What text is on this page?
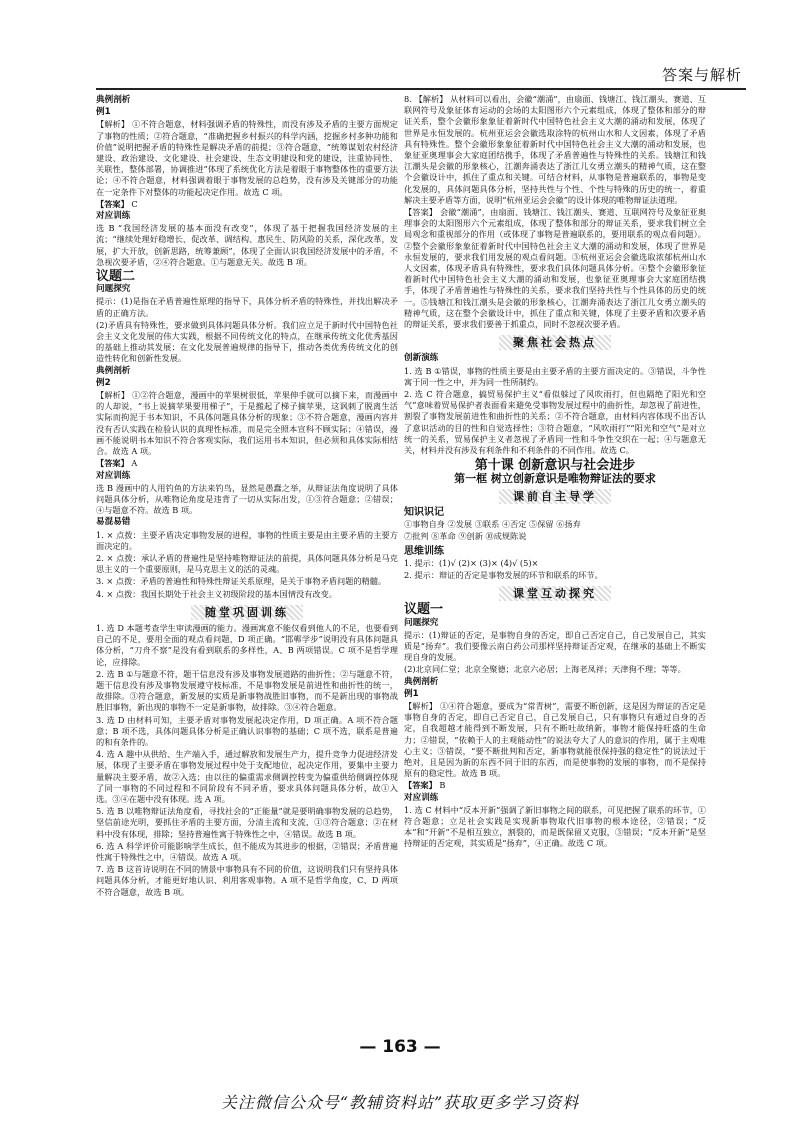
答案与解析
典例剖析
例1

【解析】 ①不符合题意，材料强调矛盾的特殊性，而没有涉及矛盾的主要方面规定了事物的性质；②符合题意，“准确把握乡村振兴的科学内涵，挖掘乡村多种功能和价值”说明把握矛盾的特殊性是解决矛盾的前提；③符合题意，“统筹谋划农村经济建设、政治建设、文化建设、社会建设、生态文明建设和党的建设，注重协同性、关联性，整体部署，协调推进”体现了系统优化方法是着眼于事物整体性的重要方法论；④不符合题意，材料强调着眼于事物发展的总趋势，没有涉及关键部分的功能在一定条件下对整体的功能起决定作用。故选 C 项。

【答案】 C

对应训练

选 B “我国经济发展的基本面没有改变”，体现了基于把握我国经济发展的主流；“继续处理好稳增长、促改革、调结构、惠民生、防风险的关系，深化改革，发展，扩大开放，创新思路，统筹兼顾”，体现了全面认识我国经济发展中的矛盾，不急视次要矛盾，②④符合题意。①与题意无关。故选 B 项。

议题二
问题探究

提示：(1)是指在矛盾普遍性原理的指导下，具体分析矛盾的特殊性，并找出解决矛盾的正确方法。

(2)矛盾具有特殊性，要求做到具体问题具体分析。我们应立足于新时代中国特色社会主义文化发展的伟大实践，根据不同传统文化的特点，在继承传统文化优秀基因的基础上推动其发展；在文化发展普遍规律的指导下，推动各类优秀传统文化的创造性转化和创新性发展。

典例剖析
例2

【解析】 ①②符合题意，漫画中的苹果树很低，苹果伸手就可以摘下来，而漫画中的人却说，“书上说摘苹果要用梯子”，于是搬起了梯子摘苹果，这讽刺了脱离生活实际而拘泥于书本知识，不具体问题具体分析的现象；③不符合题意，漫画内容并没有否认实践在检验认识的真理性标准，而是完全照本宣科不顾实际；④错误，漫画不能说明书本知识不符合客观实际，我们运用书本知识，但必须和具体实际相结合。故选 A 项。

【答案】 A

对应训练

选 B 漫画中的人用钓鱼的方法来钓鸟，显然是愚蠢之举，从辩证法角度说明了具体问题具体分析，从唯物论角度是违背了一切从实际出发，①③符合题意；②错误；④与题意不符。故选 B 项。

易混易错

1. × 点拨：主要矛盾决定事物发展的进程，事物的性质主要是由主要矛盾的主要方面决定的。

2. × 点拨：承认矛盾的普遍性是坚持唯物辩证法的前提，具体问题具体分析是马克思主义的一个重要原则，是马克思主义的活的灵魂。

3. × 点拨：矛盾的普遍性和特殊性辩证关系原理，是关于事物矛盾问题的精髓。

4. × 点拨：我国长期处于社会主义初级阶段的基本国情没有改变。

随堂巩固训练

1. 选 D 本题考查学生审读漫画的能力。漫画寓意不能仅看到他人的不足，也要看到自己的不足，要用全面的观点看问题，D 项正确。“邯郸学步”说明没有具体问题具体分析，“刀舟不察”是没有看到联系的多样性，A、B 两项错误。C 项不是哲学理论，应排除。

2. 选 B ①与题意不符，题干信息没有涉及事物发展道路的曲折性；②与题意不符，题干信息没有涉及事物发展遵守枝标准，不是事物发展是前进性和曲折性的统一，故排除。③符合题意，新发展的实质是新事物战胜旧事物，而不是新出现的事物战胜旧事物，新出现的事物不一定是新事物，故排除。③④符合题意。

3. 选 D 由材料可知，主要矛盾对事物发展起决定作用，D 项正确。A 项不符合题意；B 项不选，具体问题具体分析是正确认识事物的基础；C 项不选，联系是普遍的和有条件的。

4. 选 A 趣中从供给、生产端入手，通过解放和发展生产力，提升竞争力促进经济发展，体现了主要矛盾在事物发展过程中处于支配地位，起决定作用，要集中主要力量解决主要矛盾，故②入选；由以往的偏重需求侧调控转变为偏重供给侧调控体现了同一事物的不同过程和不同阶段有不同矛盾，要求具体问题具体分析，故①入选。③④在题中没有体现。选 A 项。

5. 选 B 以唯物辩证法角度看，寻找社会的“正能量”就是要明确事物发展的总趋势，坚信前途光明，要抓住矛盾的主要方面，分清主流和支流，①③符合题意；②在材料中没有体现，排除；坚持普遍性寓于特殊性之中，④错误。故选 B 项。

6. 选 A 科学评价可能影响学生成长，但不能成为其进步的根据，②错误；矛盾普遍性寓于特殊性之中，④错误。故选 A 项。

7. 选 B 这首诗说明在不同的情景中事物具有不同的价值，这说明我们只有坚持具体问题具体分析，才能更好地认识、利用客观事物。A 项不是哲学角度，C、D 两项不符合题意，故选 B 项。

8. 【解析】 从材料可以看出，会徽“潮涌”，由扇面、钱塘江、钱江潮头、赛道、互联网符号及象征体育运动的会场的太阳图形六个元素组成，体现了整体和部分的辩证关系，整个会徽形象象征着新时代中国特色社会主义大潮的涌动和发展，体现了世界是永恒发展的。杭州亚运会会徽选取涂特的杭州山水和人文因素，体现了矛盾具有特殊性。整个会徽形象象征着新时代中国特色社会主义大潮的涌动和发展，也象征亚奥理事会大家庭团结携手，体现了矛盾普遍性与特殊性的关系。钱塘江和钱江潮头是会徽的形象核心，江潮奔涌表达了浙江儿女勇立潮头的精神气质，这在整个会徽设计中，抓住了重点和关键。可结合材料，从事物是普遍联系的，事物是变化发展的，具体问题具体分析，坚持共性与个性、个性与特殊的历史的统一，着重解决主要矛盾等方面，说明“杭州亚运会会徽”的设计体现的唯物辩证法道理。

【答案】 会徽“潮涌”，由扇面、钱塘江、钱江潮头、赛道、互联网符号及象征亚奥理事会的太阳图形六个元素组成，体现了整体和部分的辩证关系，要求我们树立全局观念和重视部分的作用（或体现了事物是普遍联系的，要用联系的观点看问题）。②整个会徽形象象征着新时代中国特色社会主义大潮的涌动和发展，体现了世界是永恒发展的，要求我们用发展的观点看问题。③杭州亚运会会徽选取浓郁杭州山水人文因素，体现矛盾具有特殊性，要求我们具体问题具体分析。④整个会徽形象征着新时代中国特色社会主义大潮的涌动和发展，也象征亚奥理事会大家庭团结携手，体现了矛盾普遍性与特殊性的关系，要求我们坚持共性与个性具体的历史的统一。⑤钱塘江和钱江潮头是会徽的形象核心，江潮奔涌表达了浙江儿女勇立潮头的精神气质，这在整个会徽设计中，抓住了重点和关键，体现了主要矛盾和次要矛盾的辩证关系，要求我们要善于抓重点，同时不忽视次要矛盾。

聚焦社会热点
创新演练

1. 选 B ①错误，事物的性质主要是由主要矛盾的主要方面决定的。③错误，斗争性寓于同一性之中，并为同一性所制约。

2. 选 C 符合题意，搞贸易保护主义“看似躲过了风吹雨打，但也隔绝了阳光和空气”意味着贸易保护者表面看来避免受事物发展过程中的曲折性，却忽视了前进性，割裂了事物发展前进性和曲折性的关系；②不符合题意，由材料内容体现不出否认了意识活动的目的性和自觉选择性；③符合题意，“风吹雨打”“阳光和空气”是对立统一的关系，贸易保护主义者忽视了矛盾同一性和斗争性交织在一起；④与题意无关，材料并没有涉及有利条件和不利条件的不同作用。故选 C。

第十课 创新意识与社会进步
第一框 树立创新意识是唯物辩证法的要求
课前自主导学
知识识记

①事物自身 ②发展 ③联系 ④否定 ⑤保留 ⑥扬弃

⑦批判 ⑧革命 ⑨创新 ⑩成规陈说

思维训练

1. 提示：(1)√ (2)× (3)× (4)√ (5)×

2. 提示：辩证的否定是事物发展的环节和联系的环节。

课堂互动探究
议题一
问题探究

提示：(1)辩证的否定，是事物自身的否定，即自己否定自己，自己发展自己，其实质是“扬弃”。我们要像云南白药公司那样坚持辩证否定观，在继承的基础上不断实现自身的发展。

(2)北京同仁堂；北京全聚德；北京六必居；上海老凤祥；天津狗不理；等等。

典例剖析
例1

【解析】 ①④符合题意，要成为“常青树”，需要不断创新，这是因为辩证的否定是事物自身的否定，即自己否定自己，自己发展自己，只有事物只有通过自身的否定，自我超越才能得到不断发展，只有不断吐故纳新，事物才能保持旺盛的生命力；②错误，“依赖于人的主观能动性”的说法夸大了人的意识的作用，属于主观唯心主义；③错误，“要不断批判和否定，新事物就能很保持强的稳定性”的说法过于绝对，且是因为新的东西不同于旧的东西，而是使事物的发展的事物，而不是保持原有的稳定性。故选 B 项。

【答案】 B

对应训练

1. 选 C 材料中“反本开新”强调了新旧事物之间的联系，可见把握了联系的环节，①符合题意；立足社会实践是实现新事物取代旧事物的根本途径，②错误；“反本”和“开新”不是相互独立，割裂的，而是既保留又克服，③错误；“反本开新”是坚持辩证的否定观，其实质是“扬弃”，④正确。故选 C 项。

— 163 —
关注微信公众号“教辅资料站”获取更多学习资料
